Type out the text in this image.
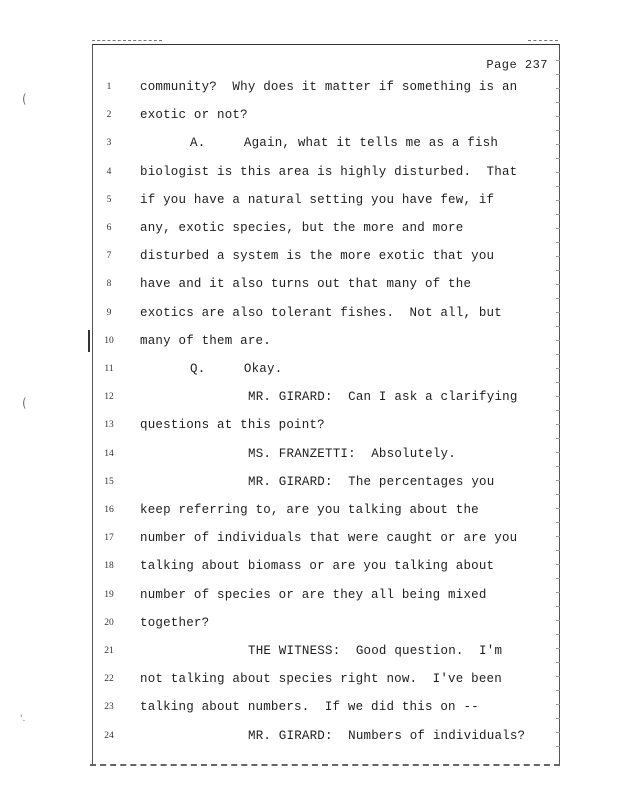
(
(
'.
Page 237
1	community?  Why does it matter if something is an
2	exotic or not?
3	A.     Again, what it tells me as a fish
4	biologist is this area is highly disturbed.  That
5	if you have a natural setting you have few, if
6	any, exotic species, but the more and more
7	disturbed a system is the more exotic that you
8	have and it also turns out that many of the
9	exotics are also tolerant fishes.  Not all, but
10	many of them are.
11	Q.     Okay.
12	MR. GIRARD:  Can I ask a clarifying
13	questions at this point?
14	MS. FRANZETTI:  Absolutely.
15	MR. GIRARD:  The percentages you
16	keep referring to, are you talking about the
17	number of individuals that were caught or are you
18	talking about biomass or are you talking about
19	number of species or are they all being mixed
20	together?
21	THE WITNESS:  Good question.  I'm
22	not talking about species right now.  I've been
23	talking about numbers.  If we did this on --
24	MR. GIRARD:  Numbers of individuals?
